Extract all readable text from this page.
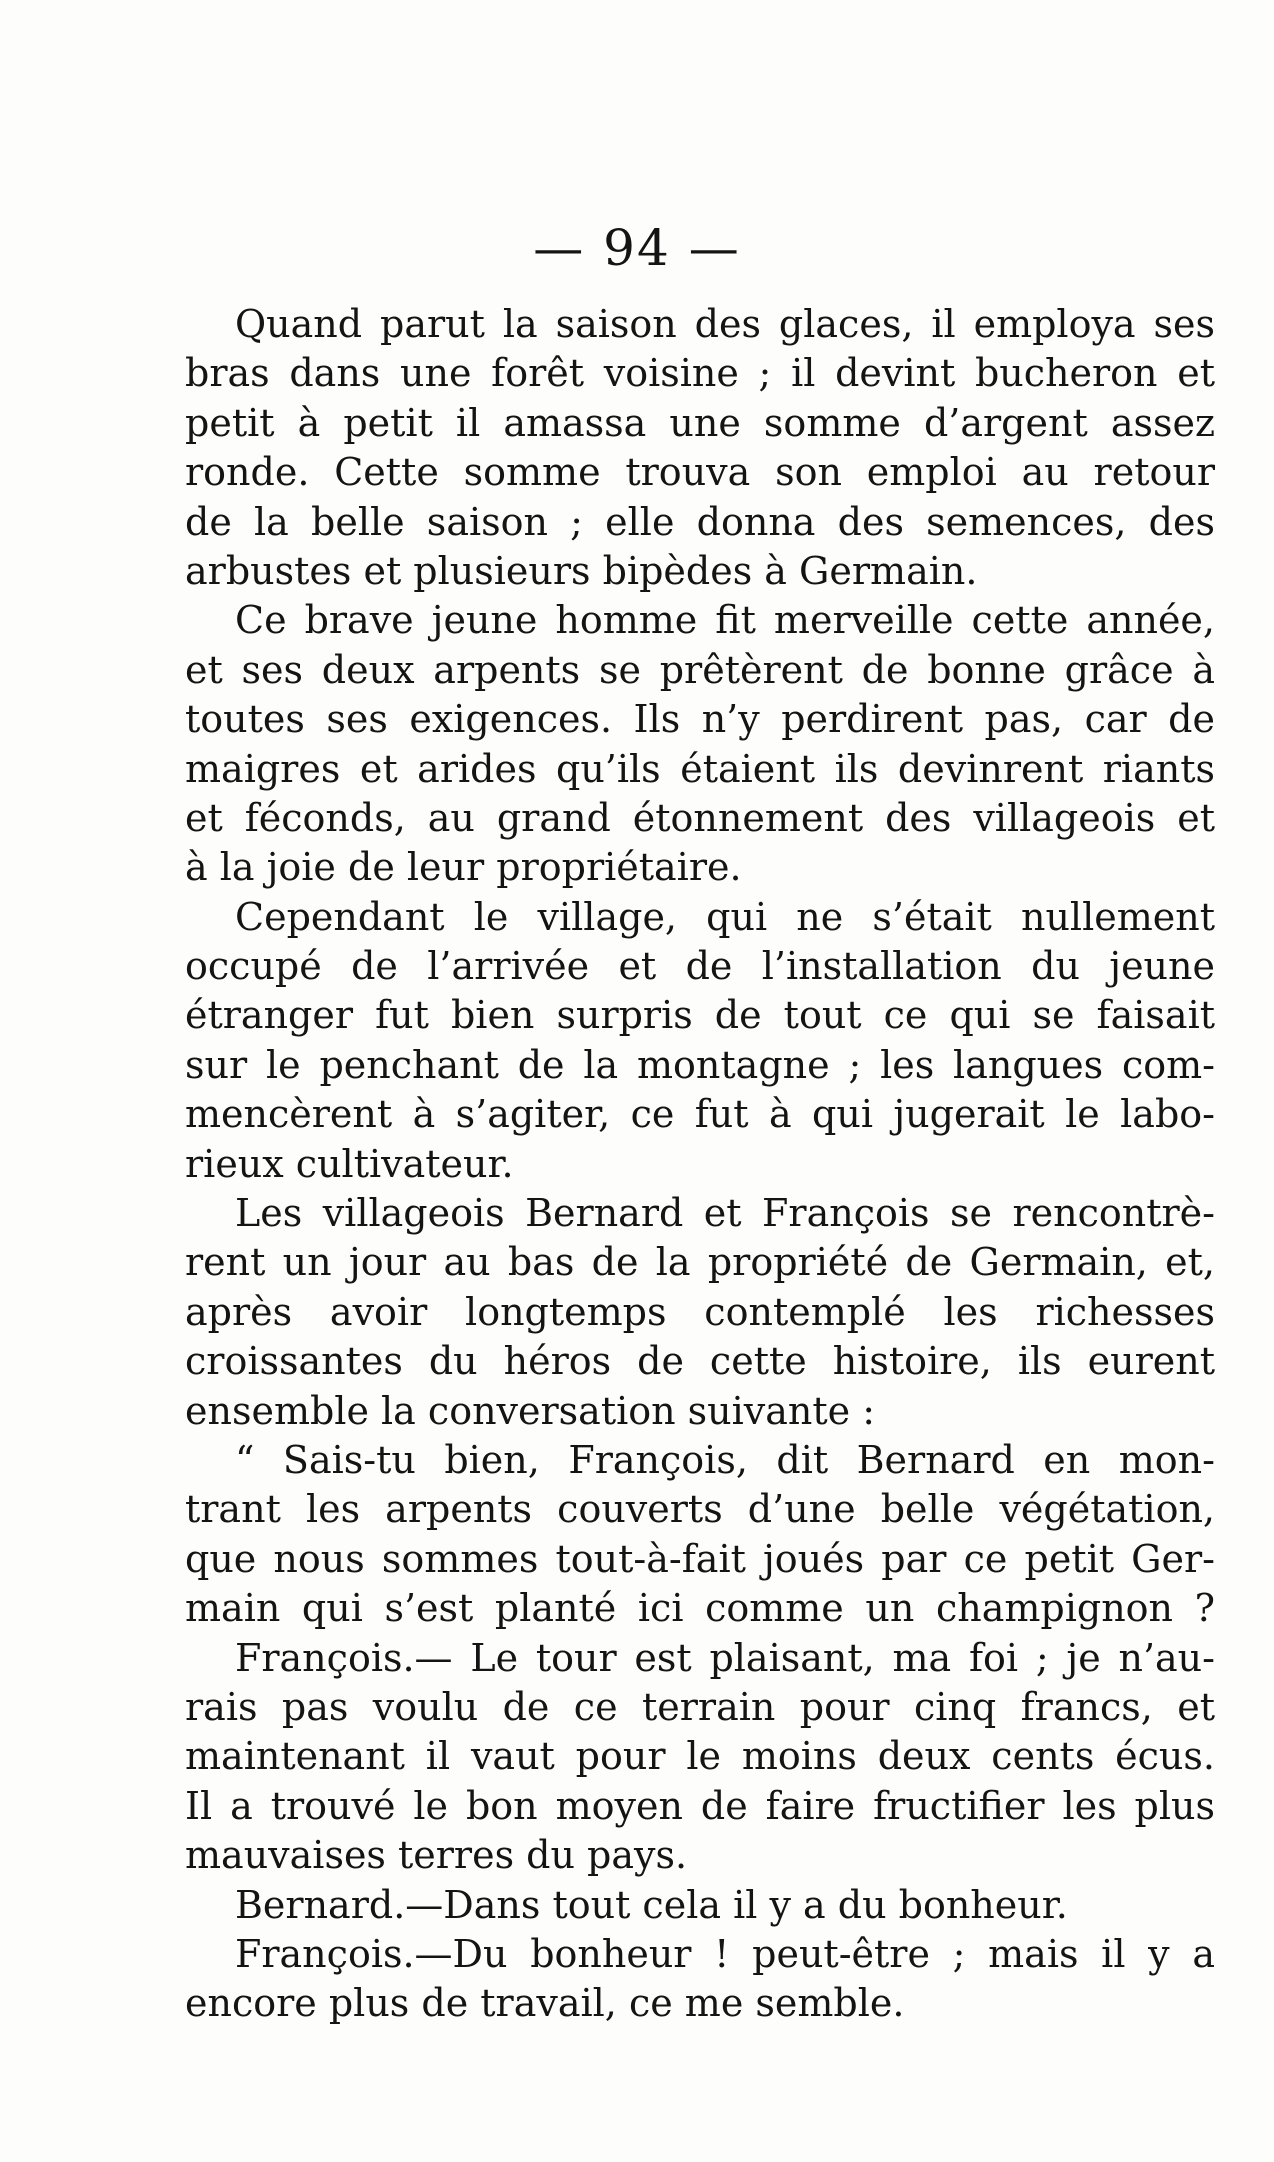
— 94 —
Quand parut la saison des glaces, il employa ses
bras dans une forêt voisine ; il devint bucheron et
petit à petit il amassa une somme d’argent assez
ronde. Cette somme trouva son emploi au retour
de la belle saison ; elle donna des semences, des
arbustes et plusieurs bipèdes à Germain.
Ce brave jeune homme fit merveille cette année,
et ses deux arpents se prêtèrent de bonne grâce à
toutes ses exigences. Ils n’y perdirent pas, car de
maigres et arides qu’ils étaient ils devinrent riants
et féconds, au grand étonnement des villageois et
à la joie de leur propriétaire.
Cependant le village, qui ne s’était nullement
occupé de l’arrivée et de l’installation du jeune
étranger fut bien surpris de tout ce qui se faisait
sur le penchant de la montagne ; les langues com-
mencèrent à s’agiter, ce fut à qui jugerait le labo-
rieux cultivateur.
Les villageois Bernard et François se rencontrè-
rent un jour au bas de la propriété de Germain, et,
après avoir longtemps contemplé les richesses
croissantes du héros de cette histoire, ils eurent
ensemble la conversation suivante :
“ Sais-tu bien, François, dit Bernard en mon-
trant les arpents couverts d’une belle végétation,
que nous sommes tout-à-fait joués par ce petit Ger-
main qui s’est planté ici comme un champignon ?
François.— Le tour est plaisant, ma foi ; je n’au-
rais pas voulu de ce terrain pour cinq francs, et
maintenant il vaut pour le moins deux cents écus.
Il a trouvé le bon moyen de faire fructifier les plus
mauvaises terres du pays.
Bernard.—Dans tout cela il y a du bonheur.
François.—Du bonheur ! peut-être ; mais il y a
encore plus de travail, ce me semble.
